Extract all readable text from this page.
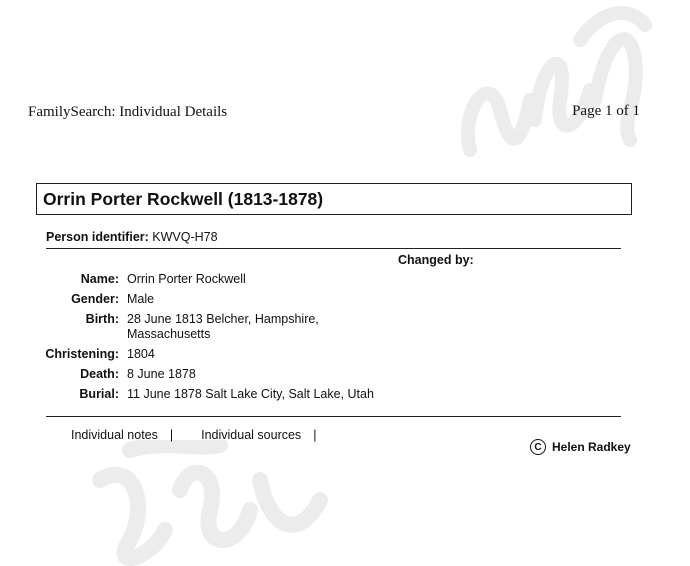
FamilySearch: Individual Details	Page 1 of 1
Orrin Porter Rockwell (1813-1878)
Person identifier: KWVQ-H78
Changed by:
Name: Orrin Porter Rockwell
Gender: Male
Birth: 28 June 1813 Belcher, Hampshire, Massachusetts
Christening: 1804
Death: 8 June 1878
Burial: 11 June 1878 Salt Lake City, Salt Lake, Utah
Individual notes | Individual sources |
C Helen Radkey
